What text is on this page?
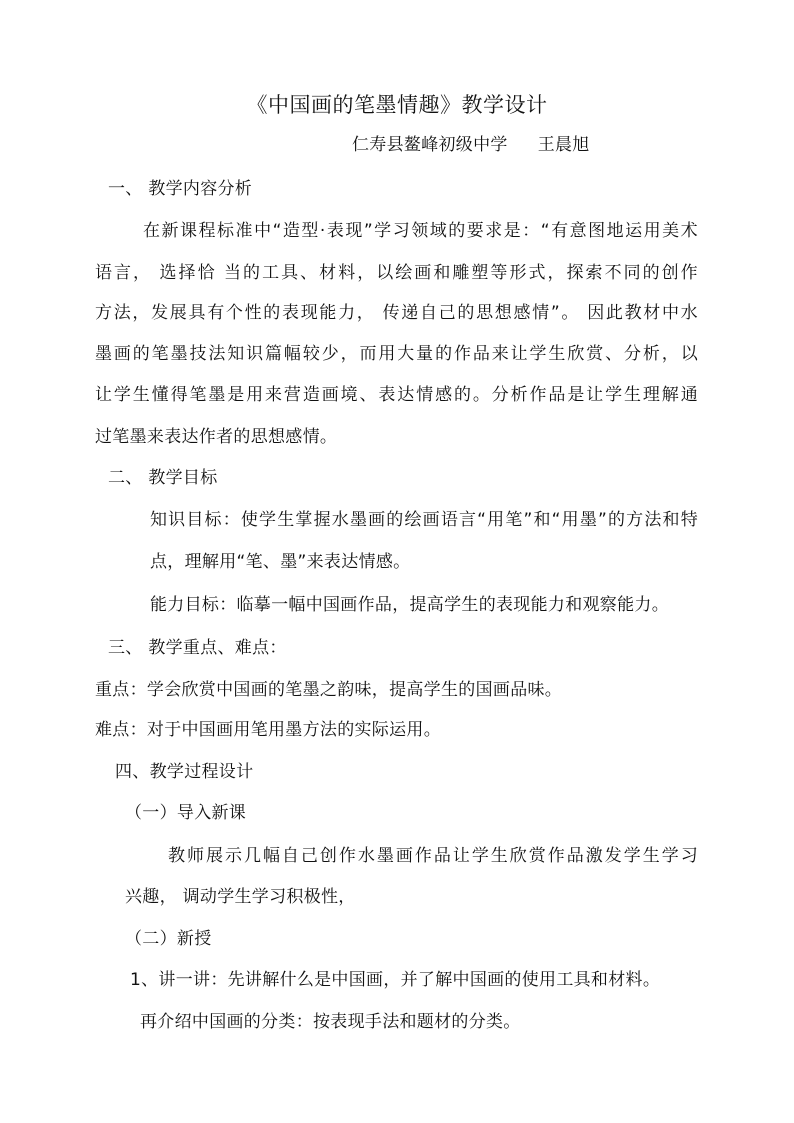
《中国画的笔墨情趣》教学设计
仁寿县鳌峰初级中学 王晨旭
一、 教学内容分析
在新课程标准中“造型·表现”学习领域的要求是：“有意图地运用美术
语言， 选择恰 当的工具、材料，以绘画和雕塑等形式，探索不同的创作
方法，发展具有个性的表现能力， 传递自己的思想感情”。 因此教材中水
墨画的笔墨技法知识篇幅较少，而用大量的作品来让学生欣赏、分析，以
让学生懂得笔墨是用来营造画境、表达情感的。分析作品是让学生理解通
过笔墨来表达作者的思想感情。
二、 教学目标
知识目标：使学生掌握水墨画的绘画语言“用笔”和“用墨”的方法和特
点，理解用“笔、墨”来表达情感。
能力目标：临摹一幅中国画作品，提高学生的表现能力和观察能力。
三、 教学重点、难点：
重点：学会欣赏中国画的笔墨之韵味，提高学生的国画品味。
难点：对于中国画用笔用墨方法的实际运用。
四、教学过程设计
（一）导入新课
教师展示几幅自己创作水墨画作品让学生欣赏作品激发学生学习
兴趣， 调动学生学习积极性，
（二）新授
1、讲一讲：先讲解什么是中国画，并了解中国画的使用工具和材料。
再介绍中国画的分类：按表现手法和题材的分类。
